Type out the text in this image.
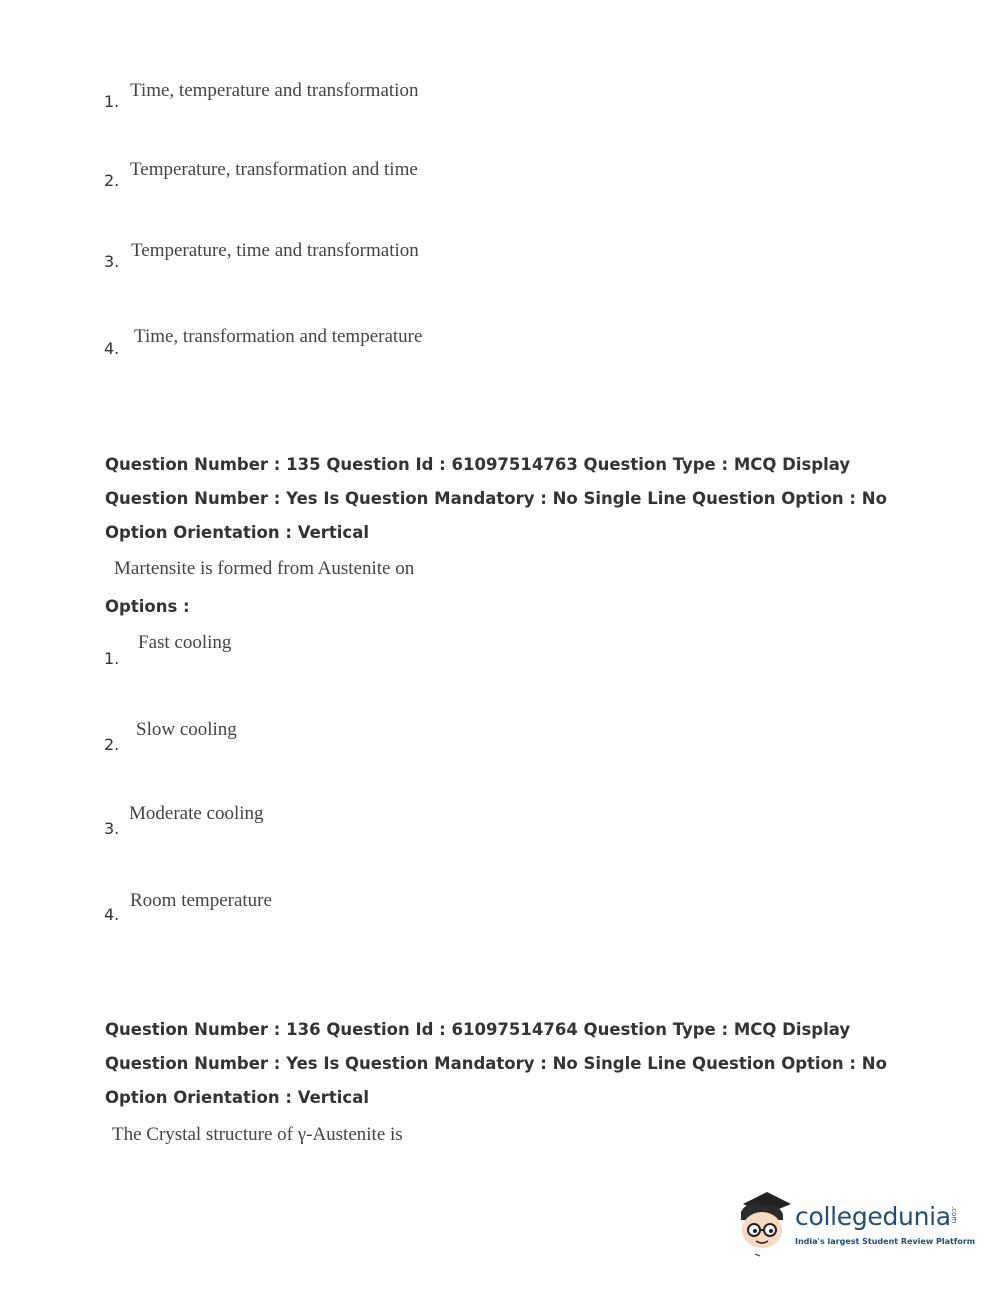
1.
Time, temperature and transformation
2.
Temperature, transformation and time
3.
Temperature, time and transformation
4.
Time, transformation and temperature
Question Number : 135 Question Id : 61097514763 Question Type : MCQ Display Question Number : Yes Is Question Mandatory : No Single Line Question Option : No Option Orientation : Vertical
Martensite is formed from Austenite on
Options :
1.
Fast cooling
2.
Slow cooling
3.
Moderate cooling
4.
Room temperature
Question Number : 136 Question Id : 61097514764 Question Type : MCQ Display Question Number : Yes Is Question Mandatory : No Single Line Question Option : No Option Orientation : Vertical
The Crystal structure of γ-Austenite is
collegedunia .com
India's largest Student Review Platform
